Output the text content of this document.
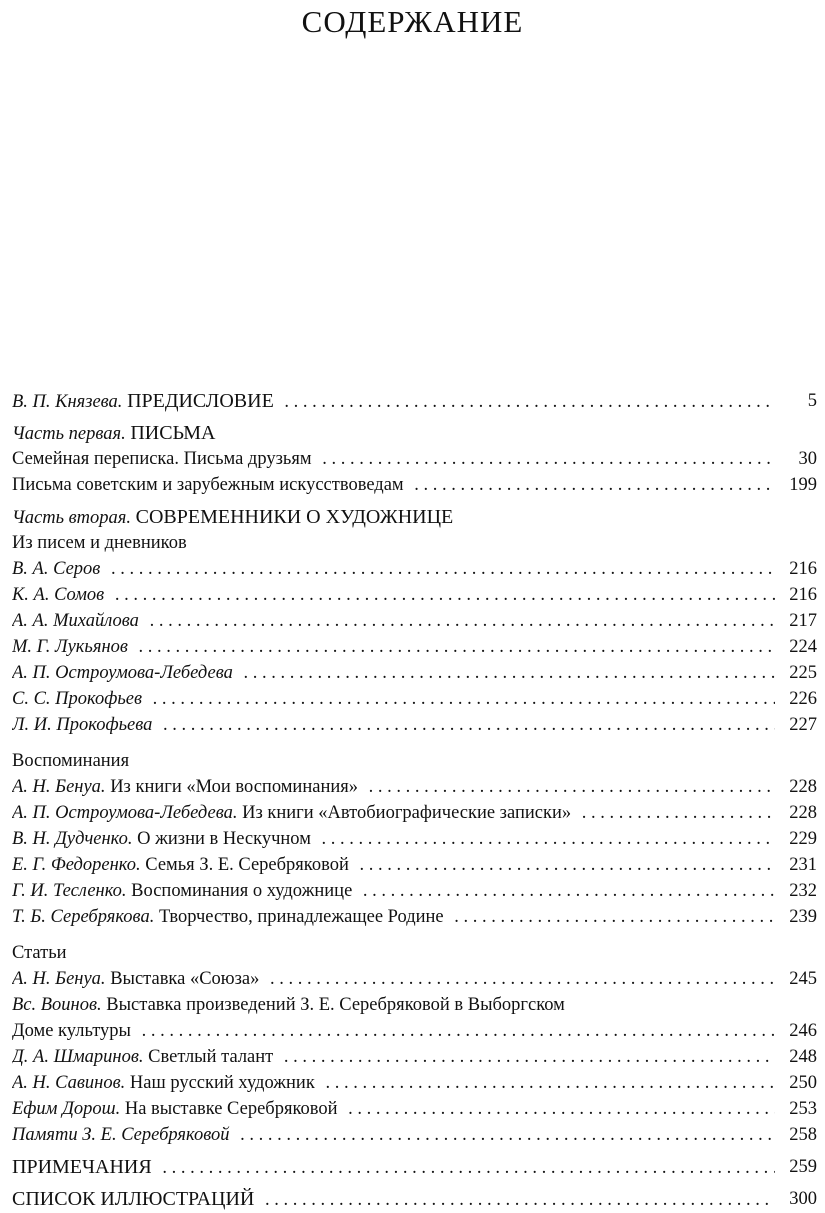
СОДЕРЖАНИЕ
В. П. Князева. ПРЕДИСЛОВИЕ . .	5
Часть первая. ПИСЬМА
Семейная переписка. Письма друзьям . .	30
Письма советским и зарубежным искусствоведам . .	199
Часть вторая. СОВРЕМЕННИКИ О ХУДОЖНИЦЕ
Из писем и дневников
В. А. Серов . .	216
К. А. Сомов . .	216
А. А. Михайлова . .	217
М. Г. Лукьянов . .	224
А. П. Остроумова-Лебедева . .	225
С. С. Прокофьев . .	226
Л. И. Прокофьева . .	227
Воспоминания
А. Н. Бенуа. Из книги «Мои воспоминания» . .	228
А. П. Остроумова-Лебедева. Из книги «Автобиографические записки» . .	228
В. Н. Дудченко. О жизни в Нескучном . .	229
Е. Г. Федоренко. Семья З. Е. Серебряковой . .	231
Г. И. Тесленко. Воспоминания о художнице . .	232
Т. Б. Серебрякова. Творчество, принадлежащее Родине . .	239
Статьи
А. Н. Бенуа. Выставка «Союза» . .	245
Вс. Воинов. Выставка произведений З. Е. Серебряковой в Выборгском
Доме культуры . .	246
Д. А. Шмаринов. Светлый талант . .	248
А. Н. Савинов. Наш русский художник . .	250
Ефим Дорош. На выставке Серебряковой . .	253
Памяти З. Е. Серебряковой . .	258
ПРИМЕЧАНИЯ . .	259
СПИСОК ИЛЛЮСТРАЦИЙ . .	300
